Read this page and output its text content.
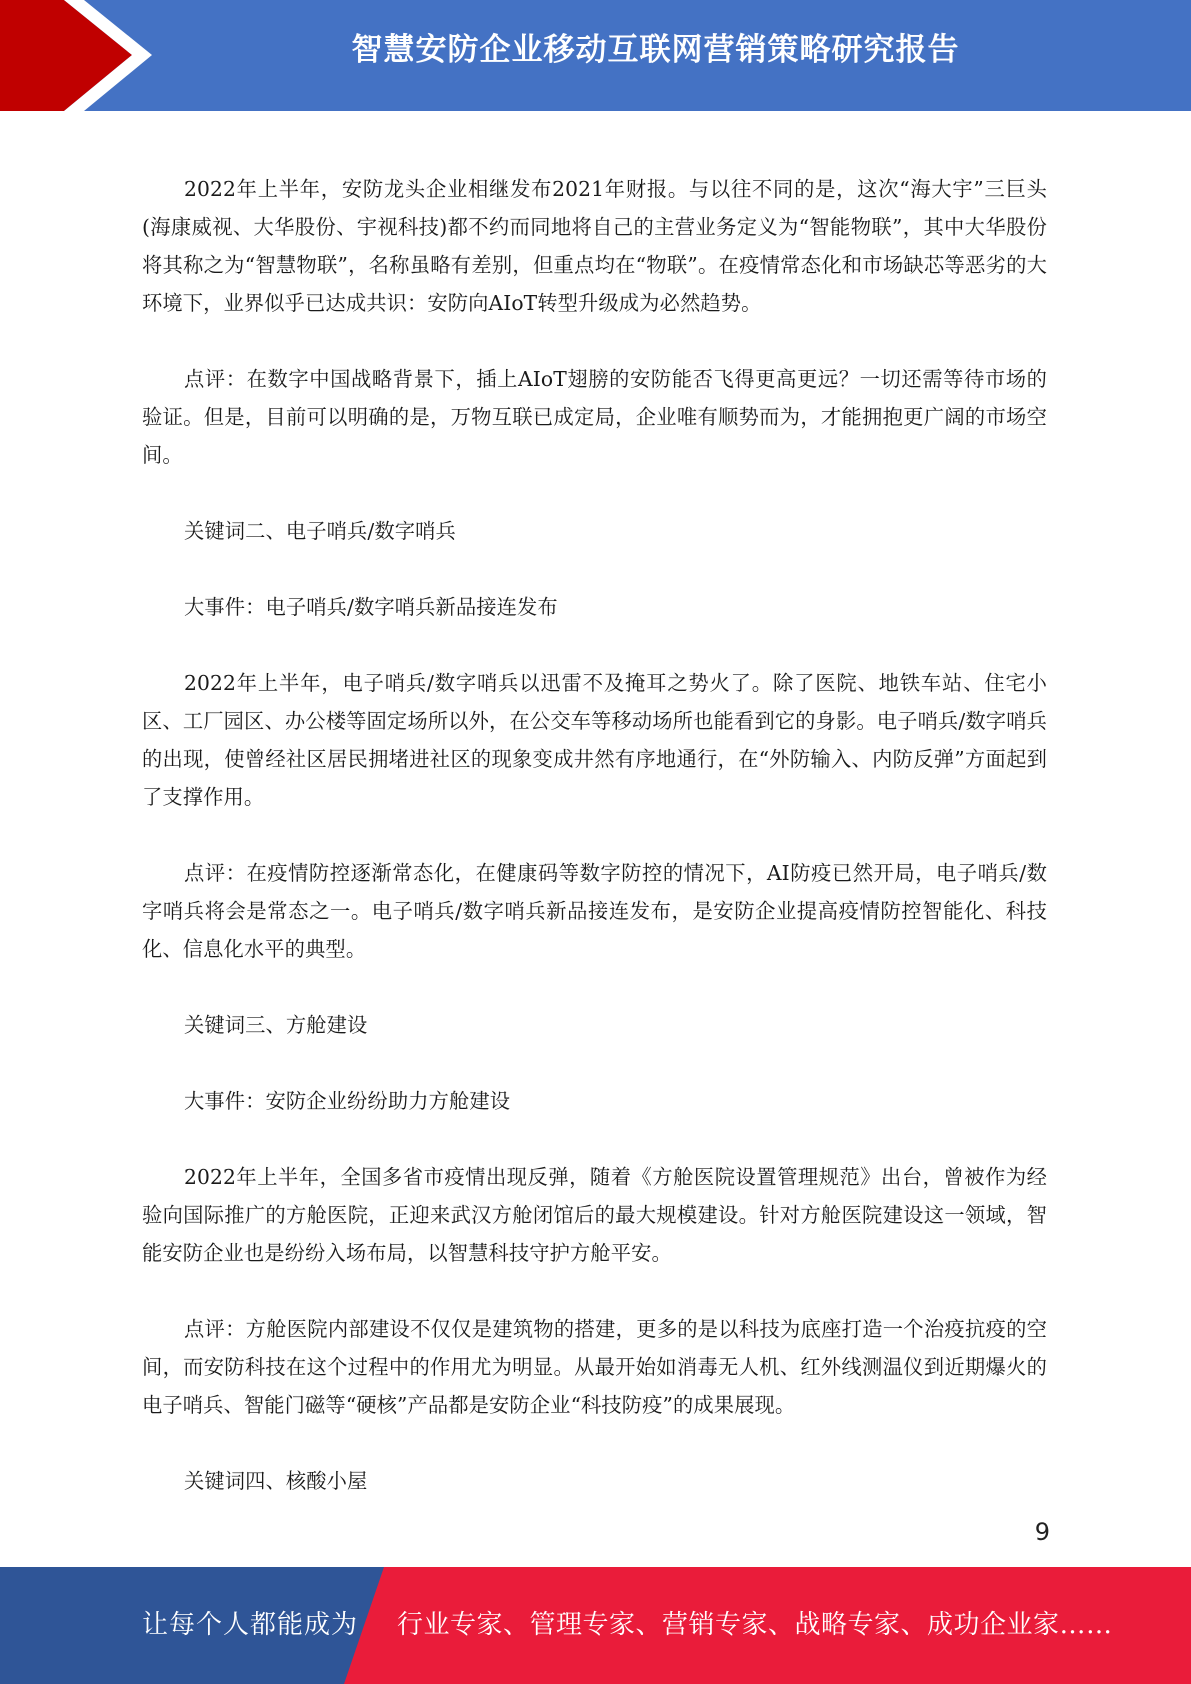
智慧安防企业移动互联网营销策略研究报告

2022年上半年，安防龙头企业相继发布2021年财报。与以往不同的是，这次“海大宇”三巨头(海康威视、大华股份、宇视科技)都不约而同地将自己的主营业务定义为“智能物联”，其中大华股份将其称之为“智慧物联”，名称虽略有差别，但重点均在“物联”。在疫情常态化和市场缺芯等恶劣的大环境下，业界似乎已达成共识：安防向AIoT转型升级成为必然趋势。

点评：在数字中国战略背景下，插上AIoT翅膀的安防能否飞得更高更远？一切还需等待市场的验证。但是，目前可以明确的是，万物互联已成定局，企业唯有顺势而为，才能拥抱更广阔的市场空间。

关键词二、电子哨兵/数字哨兵

大事件：电子哨兵/数字哨兵新品接连发布

2022年上半年，电子哨兵/数字哨兵以迅雷不及掩耳之势火了。除了医院、地铁车站、住宅小区、工厂园区、办公楼等固定场所以外，在公交车等移动场所也能看到它的身影。电子哨兵/数字哨兵的出现，使曾经社区居民拥堵进社区的现象变成井然有序地通行，在“外防输入、内防反弹”方面起到了支撑作用。

点评：在疫情防控逐渐常态化，在健康码等数字防控的情况下，AI防疫已然开局，电子哨兵/数字哨兵将会是常态之一。电子哨兵/数字哨兵新品接连发布，是安防企业提高疫情防控智能化、科技化、信息化水平的典型。

关键词三、方舱建设

大事件：安防企业纷纷助力方舱建设

2022年上半年，全国多省市疫情出现反弹，随着《方舱医院设置管理规范》出台，曾被作为经验向国际推广的方舱医院，正迎来武汉方舱闭馆后的最大规模建设。针对方舱医院建设这一领域，智能安防企业也是纷纷入场布局，以智慧科技守护方舱平安。

点评：方舱医院内部建设不仅仅是建筑物的搭建，更多的是以科技为底座打造一个治疫抗疫的空间，而安防科技在这个过程中的作用尤为明显。从最开始如消毒无人机、红外线测温仪到近期爆火的电子哨兵、智能门磁等“硬核”产品都是安防企业“科技防疫”的成果展现。

关键词四、核酸小屋

9
让每个人都能成为 行业专家、管理专家、营销专家、战略专家、成功企业家……
